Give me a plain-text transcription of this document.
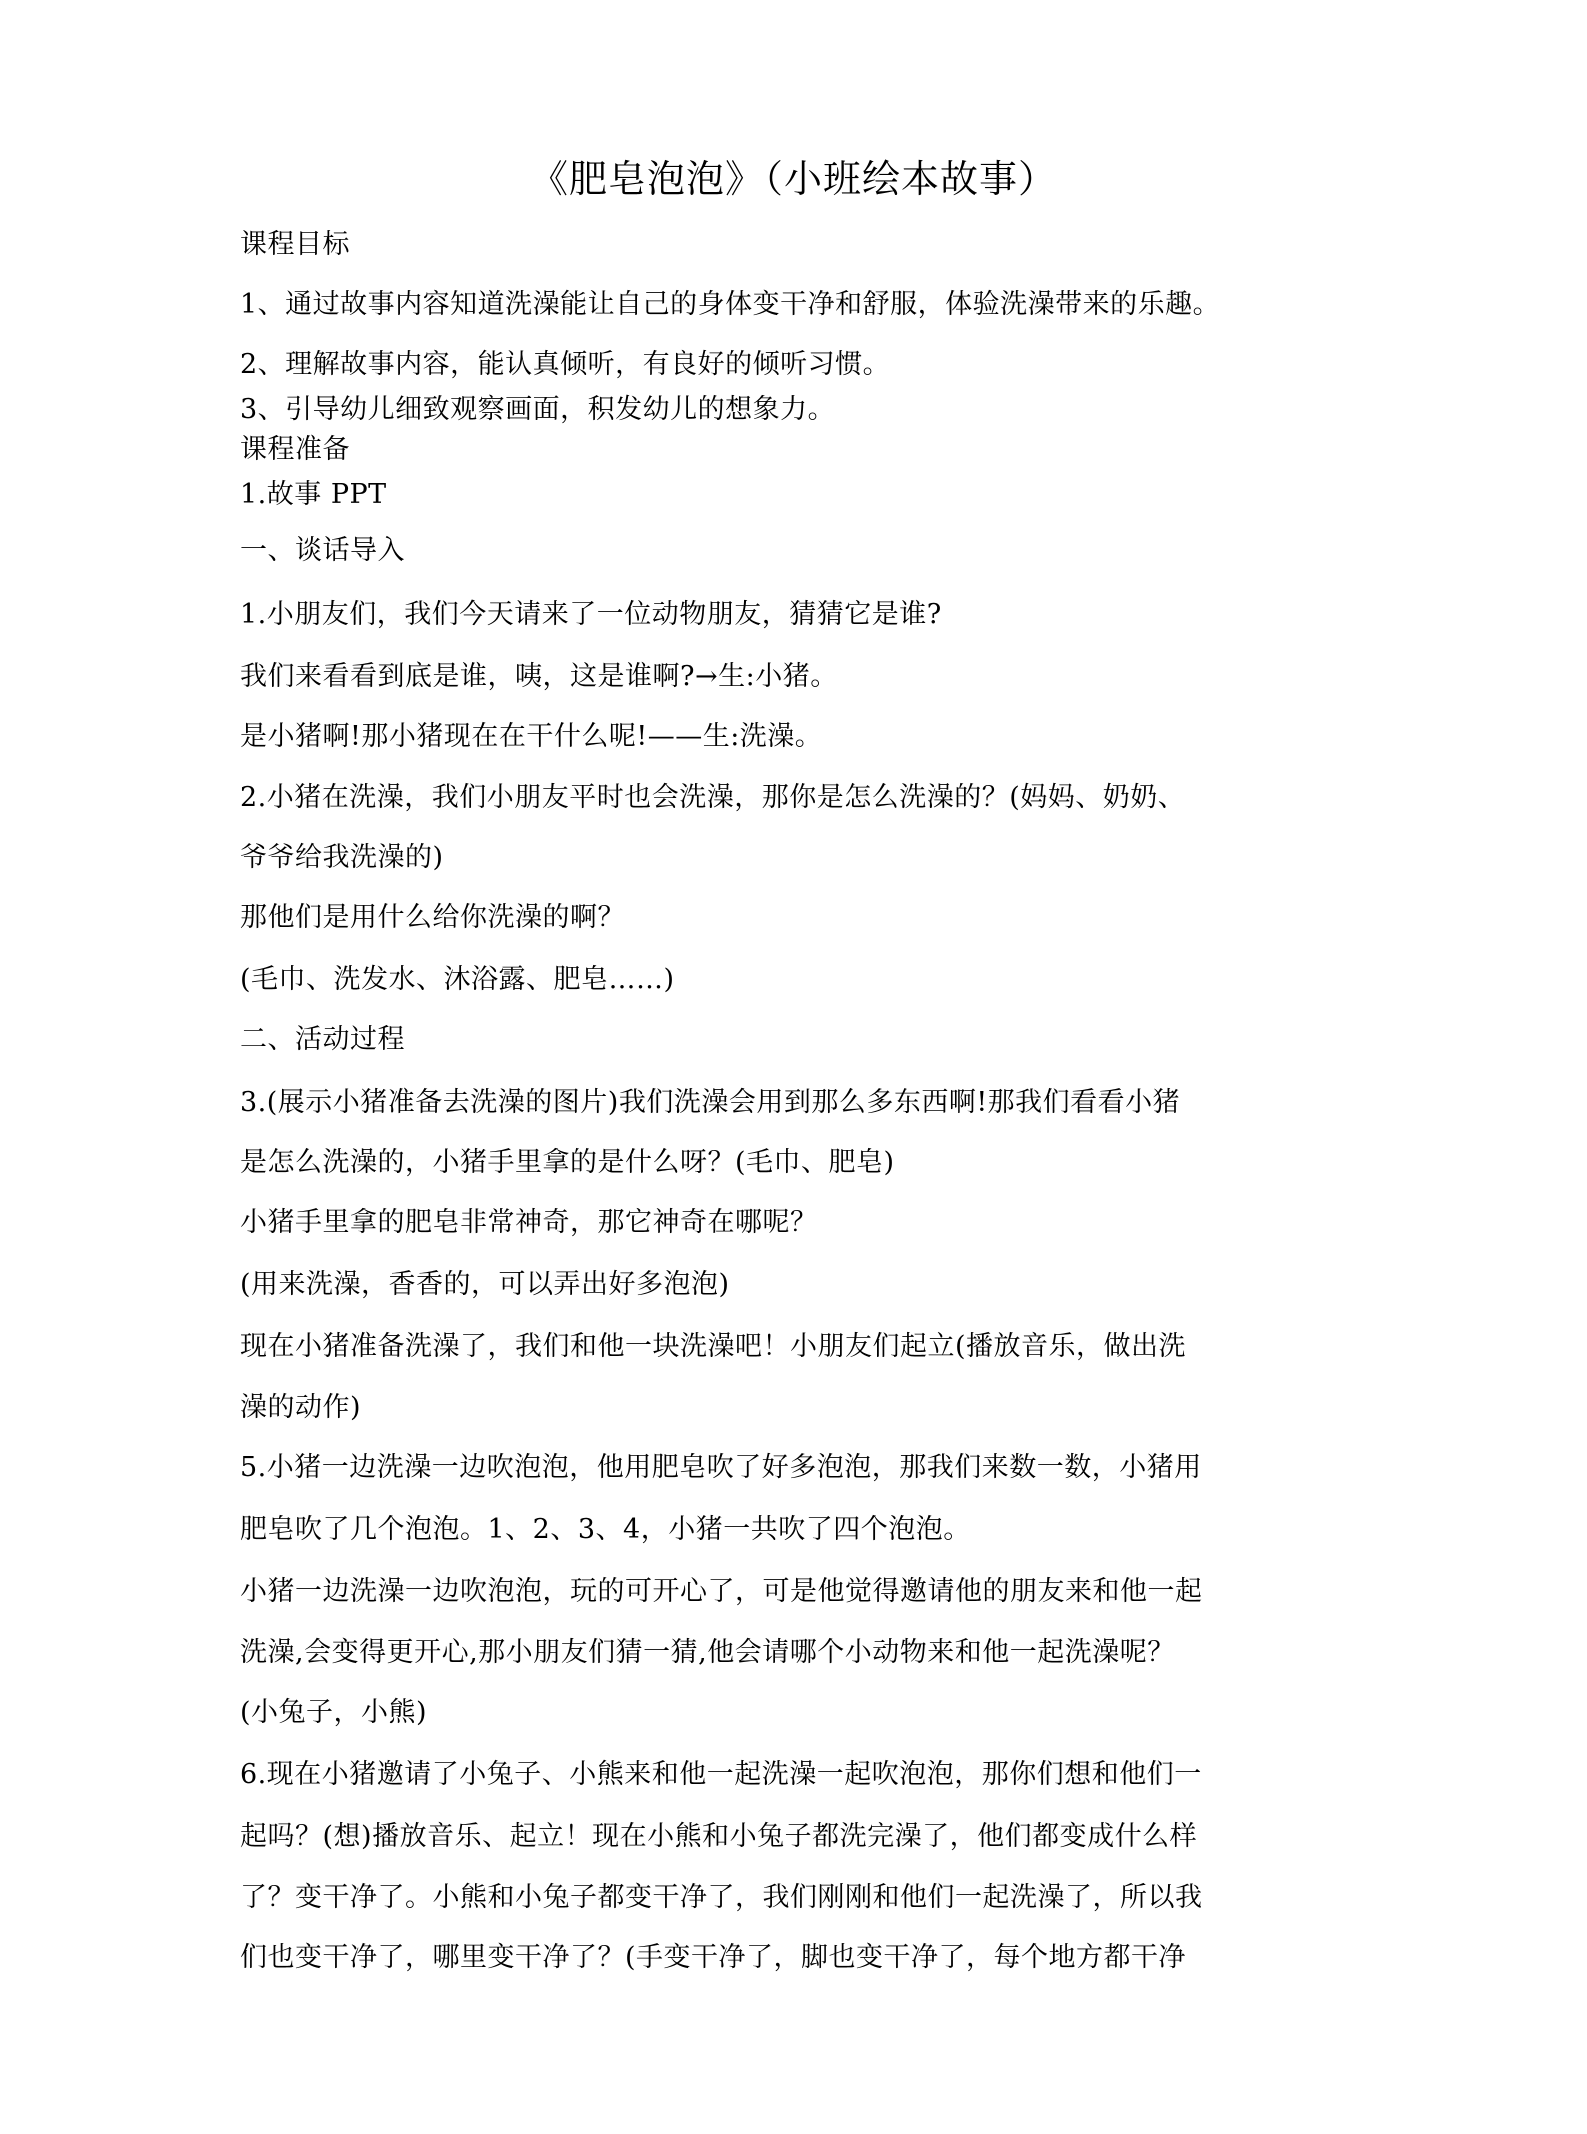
《肥皂泡泡》（小班绘本故事）
课程目标
1、通过故事内容知道洗澡能让自己的身体变干净和舒服，体验洗澡带来的乐趣。
2、理解故事内容，能认真倾听，有良好的倾听习惯。
3、引导幼儿细致观察画面，积发幼儿的想象力。
课程准备
1.故事 PPT
一、谈话导入
1.小朋友们，我们今天请来了一位动物朋友，猜猜它是谁?
我们来看看到底是谁，咦，这是谁啊?→生:小猪。
是小猪啊!那小猪现在在干什么呢!——生:洗澡。
2.小猪在洗澡，我们小朋友平时也会洗澡，那你是怎么洗澡的？(妈妈、奶奶、
爷爷给我洗澡的)
那他们是用什么给你洗澡的啊？
(毛巾、洗发水、沐浴露、肥皂……)
二、活动过程
3.(展示小猪准备去洗澡的图片)我们洗澡会用到那么多东西啊!那我们看看小猪
是怎么洗澡的，小猪手里拿的是什么呀？(毛巾、肥皂)
小猪手里拿的肥皂非常神奇，那它神奇在哪呢？
(用来洗澡，香香的，可以弄出好多泡泡)
现在小猪准备洗澡了，我们和他一块洗澡吧！小朋友们起立(播放音乐，做出洗
澡的动作)
5.小猪一边洗澡一边吹泡泡，他用肥皂吹了好多泡泡，那我们来数一数，小猪用
肥皂吹了几个泡泡。1、2、3、4，小猪一共吹了四个泡泡。
小猪一边洗澡一边吹泡泡，玩的可开心了，可是他觉得邀请他的朋友来和他一起
洗澡,会变得更开心,那小朋友们猜一猜,他会请哪个小动物来和他一起洗澡呢？
(小兔子，小熊)
6.现在小猪邀请了小兔子、小熊来和他一起洗澡一起吹泡泡，那你们想和他们一
起吗？(想)播放音乐、起立！现在小熊和小兔子都洗完澡了，他们都变成什么样
了？变干净了。小熊和小兔子都变干净了，我们刚刚和他们一起洗澡了，所以我
们也变干净了，哪里变干净了？(手变干净了，脚也变干净了，每个地方都干净
